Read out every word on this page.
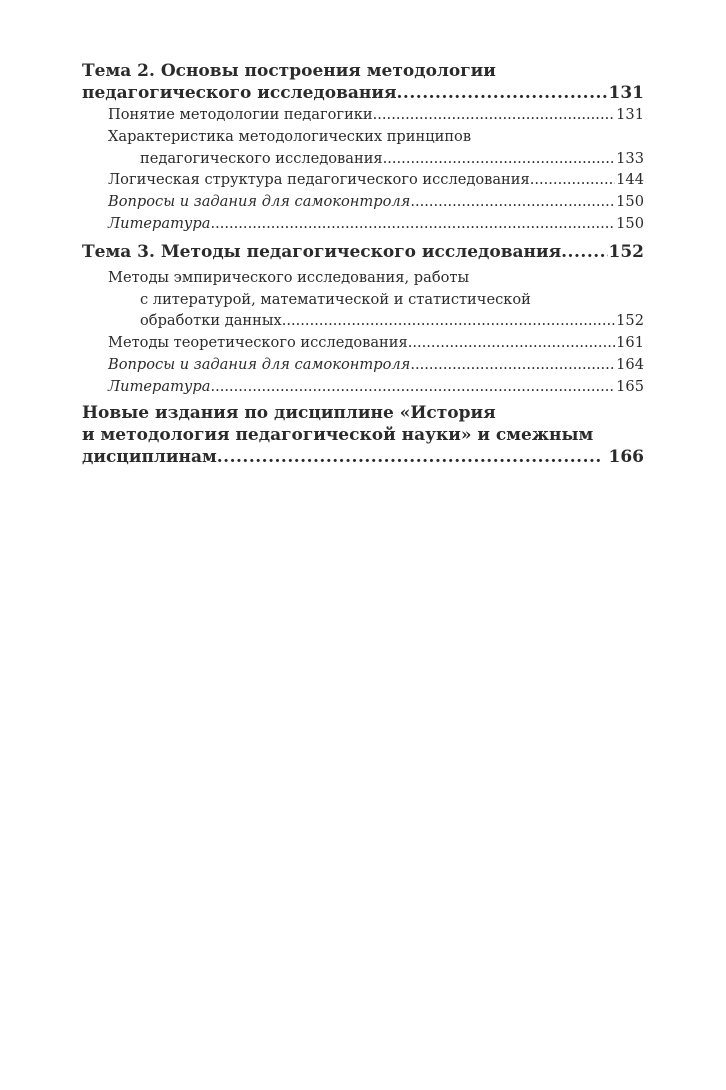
Тема 2. Основы построения методологии
педагогического исследования .....	131
Понятие методологии педагогики .....	131
Характеристика методологических принципов
педагогического исследования .....	133
Логическая структура педагогического исследования .....	144
Вопросы и задания для самоконтроля .....	150
Литература .....	150
Тема 3. Методы педагогического исследования .....	152
Методы эмпирического исследования, работы
с литературой, математической и статистической
обработки данных .....	152
Методы теоретического исследования .....	161
Вопросы и задания для самоконтроля .....	164
Литература .....	165
Новые издания по дисциплине «История
и методология педагогической науки» и смежным
дисциплинам .....	166
